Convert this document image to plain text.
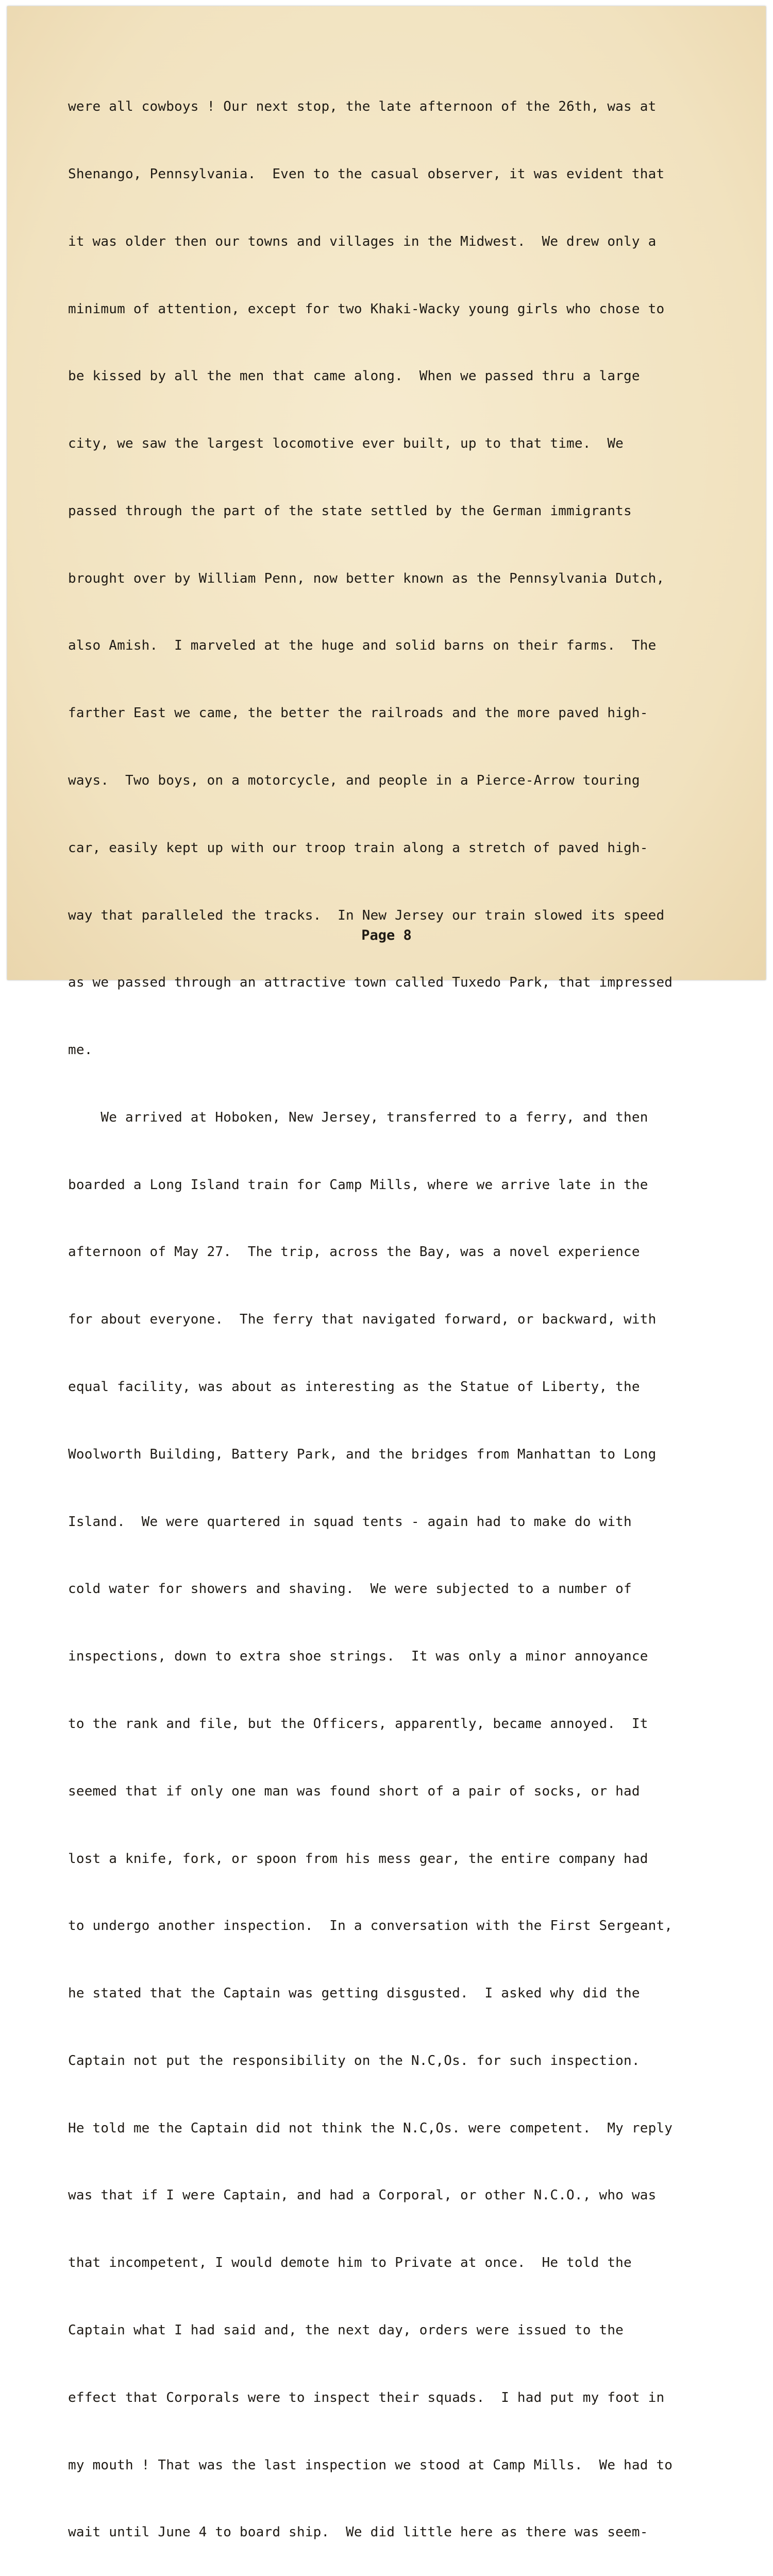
were all cowboys ! Our next stop, the late afternoon of the 26th, was at

Shenango, Pennsylvania.  Even to the casual observer, it was evident that

it was older then our towns and villages in the Midwest.  We drew only a

minimum of attention, except for two Khaki-Wacky young girls who chose to

be kissed by all the men that came along.  When we passed thru a large

city, we saw the largest locomotive ever built, up to that time.  We

passed through the part of the state settled by the German immigrants

brought over by William Penn, now better known as the Pennsylvania Dutch,

also Amish.  I marveled at the huge and solid barns on their farms.  The

farther East we came, the better the railroads and the more paved high-

ways.  Two boys, on a motorcycle, and people in a Pierce-Arrow touring

car, easily kept up with our troop train along a stretch of paved high-

way that paralleled the tracks.  In New Jersey our train slowed its speed

as we passed through an attractive town called Tuxedo Park, that impressed

me.

We arrived at Hoboken, New Jersey, transferred to a ferry, and then

boarded a Long Island train for Camp Mills, where we arrive late in the

afternoon of May 27.  The trip, across the Bay, was a novel experience

for about everyone.  The ferry that navigated forward, or backward, with

equal facility, was about as interesting as the Statue of Liberty, the

Woolworth Building, Battery Park, and the bridges from Manhattan to Long

Island.  We were quartered in squad tents - again had to make do with

cold water for showers and shaving.  We were subjected to a number of

inspections, down to extra shoe strings.  It was only a minor annoyance

to the rank and file, but the Officers, apparently, became annoyed.  It

seemed that if only one man was found short of a pair of socks, or had

lost a knife, fork, or spoon from his mess gear, the entire company had

to undergo another inspection.  In a conversation with the First Sergeant,

he stated that the Captain was getting disgusted.  I asked why did the

Captain not put the responsibility on the N.C,Os. for such inspection.

He told me the Captain did not think the N.C,Os. were competent.  My reply

was that if I were Captain, and had a Corporal, or other N.C.O., who was

that incompetent, I would demote him to Private at once.  He told the

Captain what I had said and, the next day, orders were issued to the

effect that Corporals were to inspect their squads.  I had put my foot in

my mouth ! That was the last inspection we stood at Camp Mills.  We had to

wait until June 4 to board ship.  We did little here as there was seem-

Page 8
